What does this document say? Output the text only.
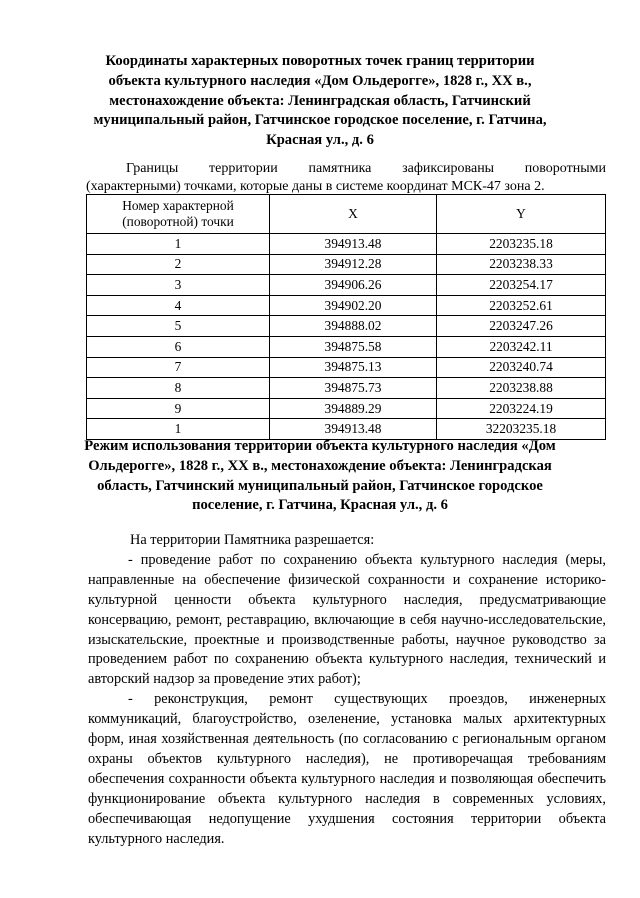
Координаты характерных поворотных точек границ территории объекта культурного наследия «Дом Ольдерогге», 1828 г., XX в., местонахождение объекта: Ленинградская область, Гатчинский муниципальный район, Гатчинское городское поселение, г. Гатчина, Красная ул., д. 6
Границы территории памятника зафиксированы поворотными
(характерными) точками, которые даны в системе координат МСК-47 зона 2.
Номер характерной (поворотной) точки	X	Y
1	394913.48	2203235.18
2	394912.28	2203238.33
3	394906.26	2203254.17
4	394902.20	2203252.61
5	394888.02	2203247.26
6	394875.58	2203242.11
7	394875.13	2203240.74
8	394875.73	2203238.88
9	394889.29	2203224.19
1	394913.48	32203235.18
Режим использования территории объекта культурного наследия «Дом Ольдерогге», 1828 г., XX в., местонахождение объекта: Ленинградская область, Гатчинский муниципальный район, Гатчинское городское поселение, г. Гатчина, Красная ул., д. 6

На территории Памятника разрешается:

- проведение работ по сохранению объекта культурного наследия (меры, направленные на обеспечение физической сохранности и сохранение историко-культурной ценности объекта культурного наследия, предусматривающие консервацию, ремонт, реставрацию, включающие в себя научно-исследовательские, изыскательские, проектные и производственные работы, научное руководство за проведением работ по сохранению объекта культурного наследия, технический и авторский надзор за проведение этих работ);

- реконструкция, ремонт существующих проездов, инженерных коммуникаций, благоустройство, озеленение, установка малых архитектурных форм, иная хозяйственная деятельность (по согласованию с региональным органом охраны объектов культурного наследия), не противоречащая требованиям обеспечения сохранности объекта культурного наследия и позволяющая обеспечить функционирование объекта культурного наследия в современных условиях, обеспечивающая недопущение ухудшения состояния территории объекта культурного наследия.
